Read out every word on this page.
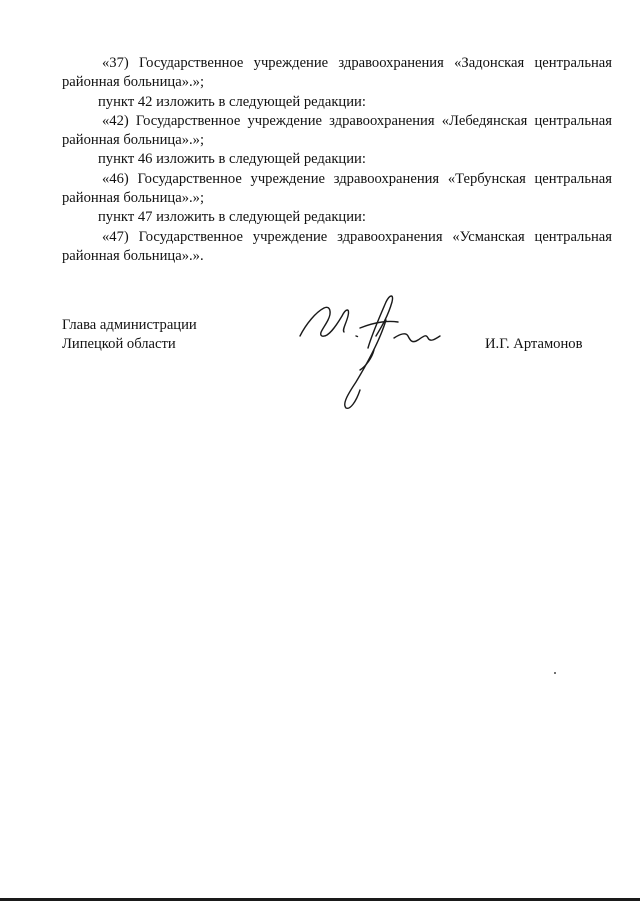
«37) Государственное учреждение здравоохранения «Задонская центральная районная больница».»;

пункт 42 изложить в следующей редакции:

«42) Государственное учреждение здравоохранения «Лебедянская центральная районная больница».»;

пункт 46 изложить в следующей редакции:

«46) Государственное учреждение здравоохранения «Тербунская центральная районная больница».»;

пункт 47 изложить в следующей редакции:

«47) Государственное учреждение здравоохранения «Усманская центральная районная больница».».

Глава администрации
Липецкой области	И.Г. Артамонов
